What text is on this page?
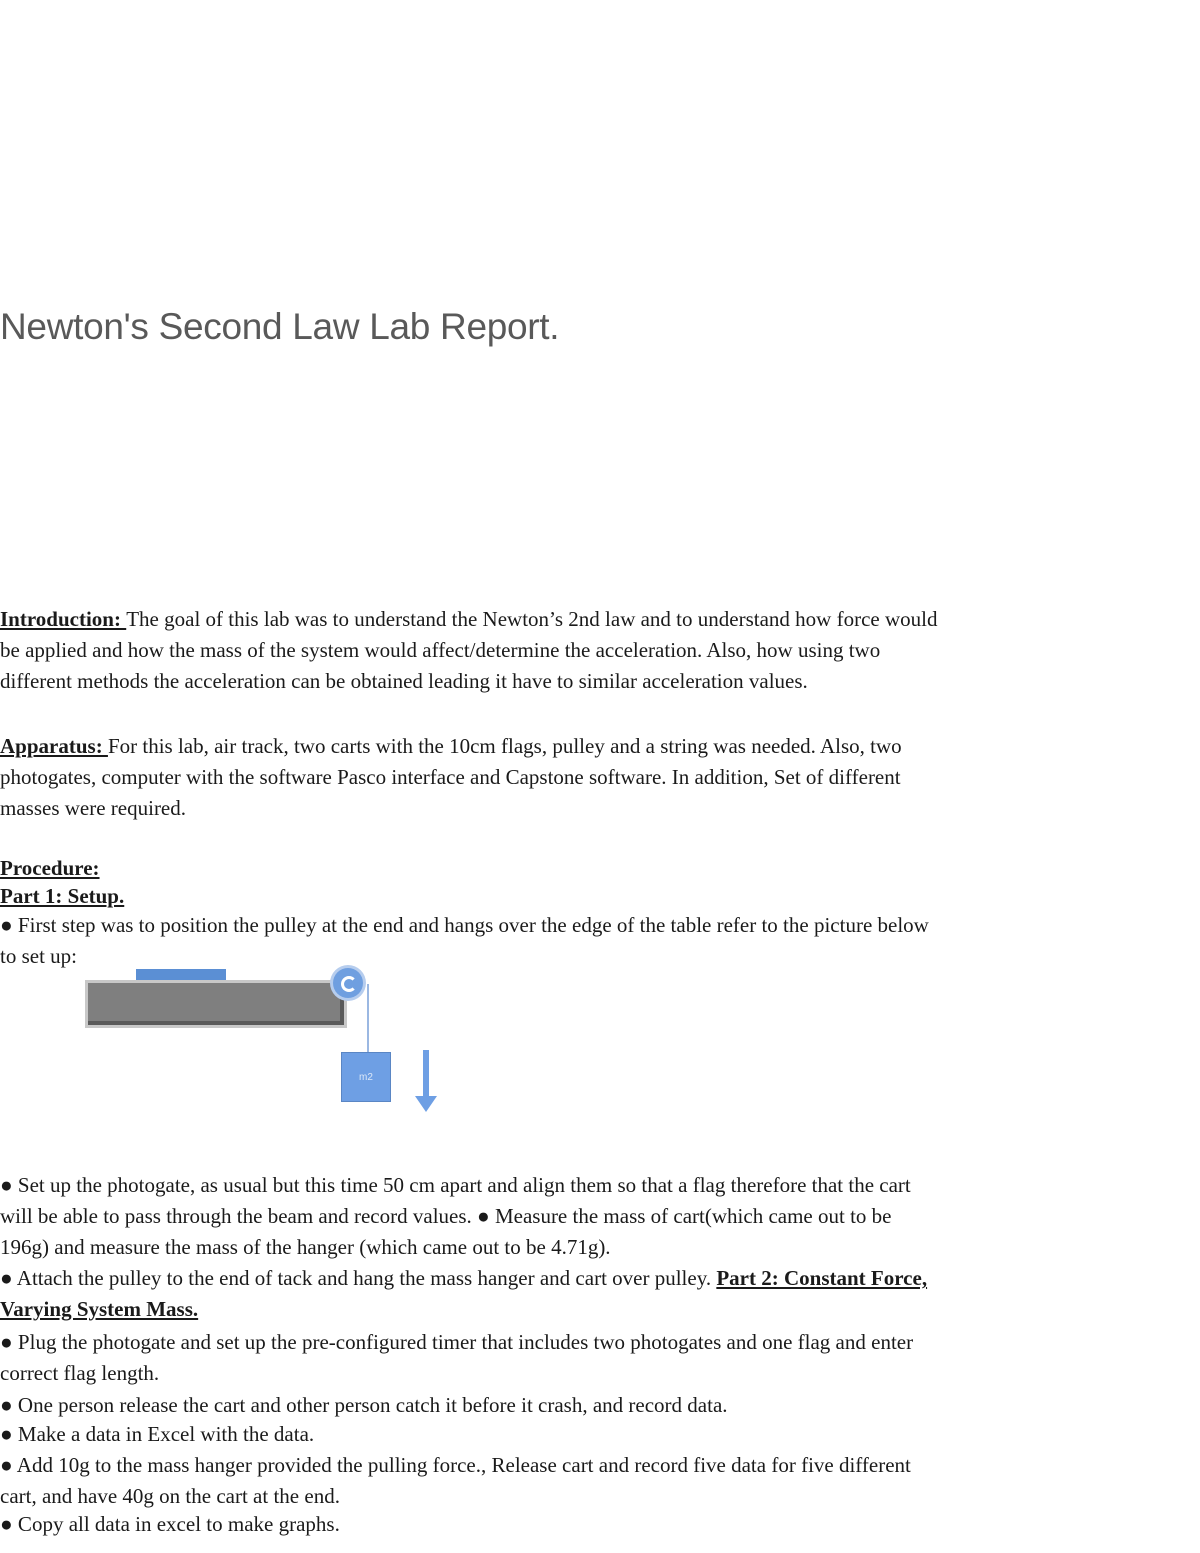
Newton's Second Law Lab Report.

Introduction: The goal of this lab was to understand the Newton’s 2nd law and to understand how force would
be applied and how the mass of the system would affect/determine the acceleration. Also, how using two
different methods the acceleration can be obtained leading it have to similar acceleration values.

Apparatus: For this lab, air track, two carts with the 10cm flags, pulley and a string was needed. Also, two
photogates, computer with the software Pasco interface and Capstone software. In addition, Set of different
masses were required.

Procedure:
Part 1: Setup.

● First step was to position the pulley at the end and hangs over the edge of the table refer to the picture below
to set up:

m2

● Set up the photogate, as usual but this time 50 cm apart and align them so that a flag therefore that the cart
will be able to pass through the beam and record values. ● Measure the mass of cart(which came out to be
196g) and measure the mass of the hanger (which came out to be 4.71g).

● Attach the pulley to the end of tack and hang the mass hanger and cart over pulley. Part 2: Constant Force,
Varying System Mass.

● Plug the photogate and set up the pre-configured timer that includes two photogates and one flag and enter
correct flag length.

● One person release the cart and other person catch it before it crash, and record data.

● Make a data in Excel with the data.

● Add 10g to the mass hanger provided the pulling force., Release cart and record five data for five different
cart, and have 40g on the cart at the end.

● Copy all data in excel to make graphs.
